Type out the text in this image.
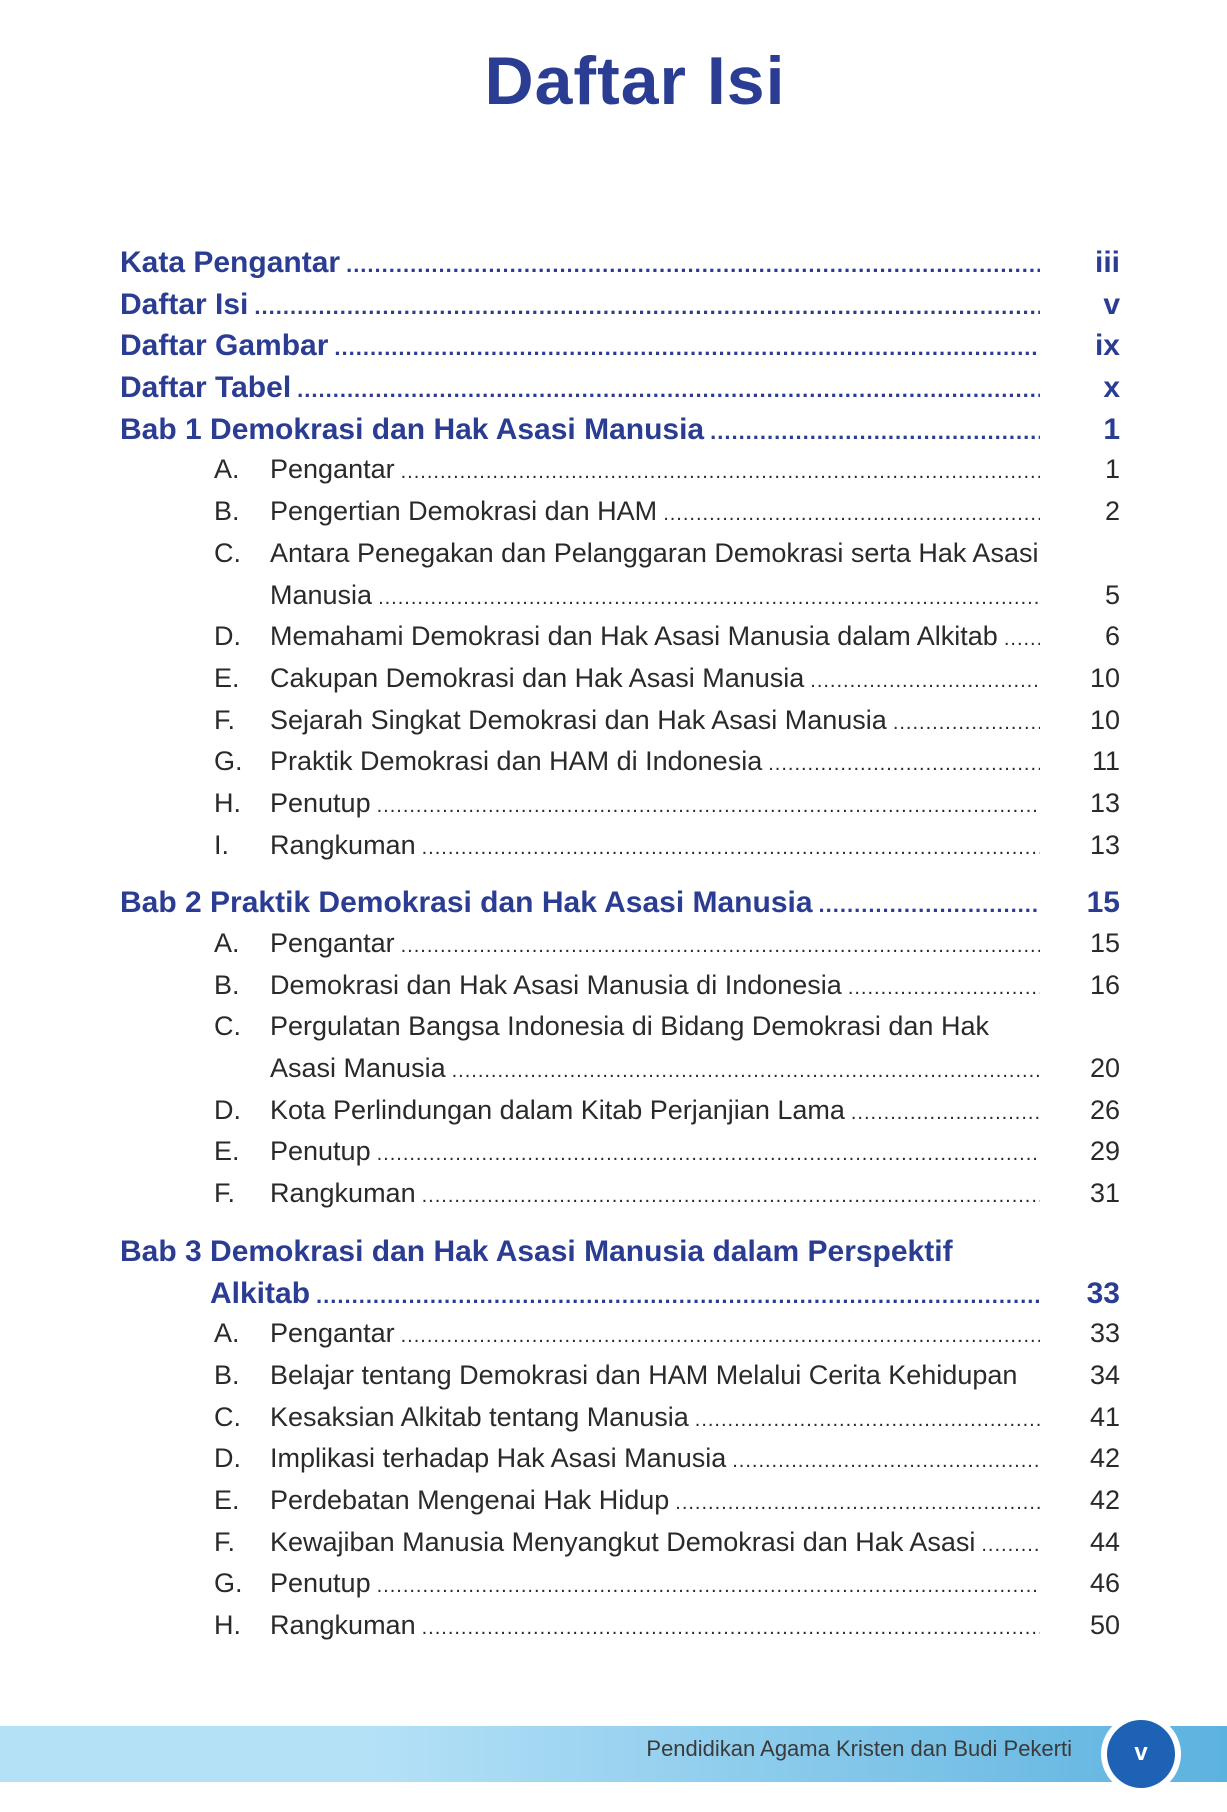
Daftar Isi
Kata Pengantar .....	iii
Daftar Isi .....	v
Daftar Gambar .....	ix
Daftar Tabel .....	x
Bab 1 Demokrasi dan Hak Asasi Manusia .....	1
A.	Pengantar .....	1
B.	Pengertian Demokrasi dan HAM .....	2
C.	Antara Penegakan dan Pelanggaran Demokrasi serta Hak Asasi
Manusia .....	5
D.	Memahami Demokrasi dan Hak Asasi Manusia dalam Alkitab .....	6
E.	Cakupan Demokrasi dan Hak Asasi Manusia .....	10
F.	Sejarah Singkat Demokrasi dan Hak Asasi Manusia .....	10
G.	Praktik Demokrasi dan HAM di Indonesia .....	11
H.	Penutup .....	13
I.	Rangkuman .....	13
Bab 2 Praktik Demokrasi dan Hak Asasi Manusia .....	15
A.	Pengantar .....	15
B.	Demokrasi dan Hak Asasi Manusia di Indonesia .....	16
C.	Pergulatan Bangsa Indonesia di Bidang Demokrasi dan Hak
Asasi Manusia .....	20
D.	Kota Perlindungan dalam Kitab Perjanjian Lama .....	26
E.	Penutup .....	29
F.	Rangkuman .....	31
Bab 3 Demokrasi dan Hak Asasi Manusia dalam Perspektif
Alkitab .....	33
A.	Pengantar .....	33
B.	Belajar tentang Demokrasi dan HAM Melalui Cerita Kehidupan	34
C.	Kesaksian Alkitab tentang Manusia .....	41
D.	Implikasi terhadap Hak Asasi Manusia .....	42
E.	Perdebatan Mengenai Hak Hidup .....	42
F.	Kewajiban Manusia Menyangkut Demokrasi dan Hak Asasi .....	44
G.	Penutup .....	46
H.	Rangkuman .....	50
Pendidikan Agama Kristen dan Budi Pekerti	v
